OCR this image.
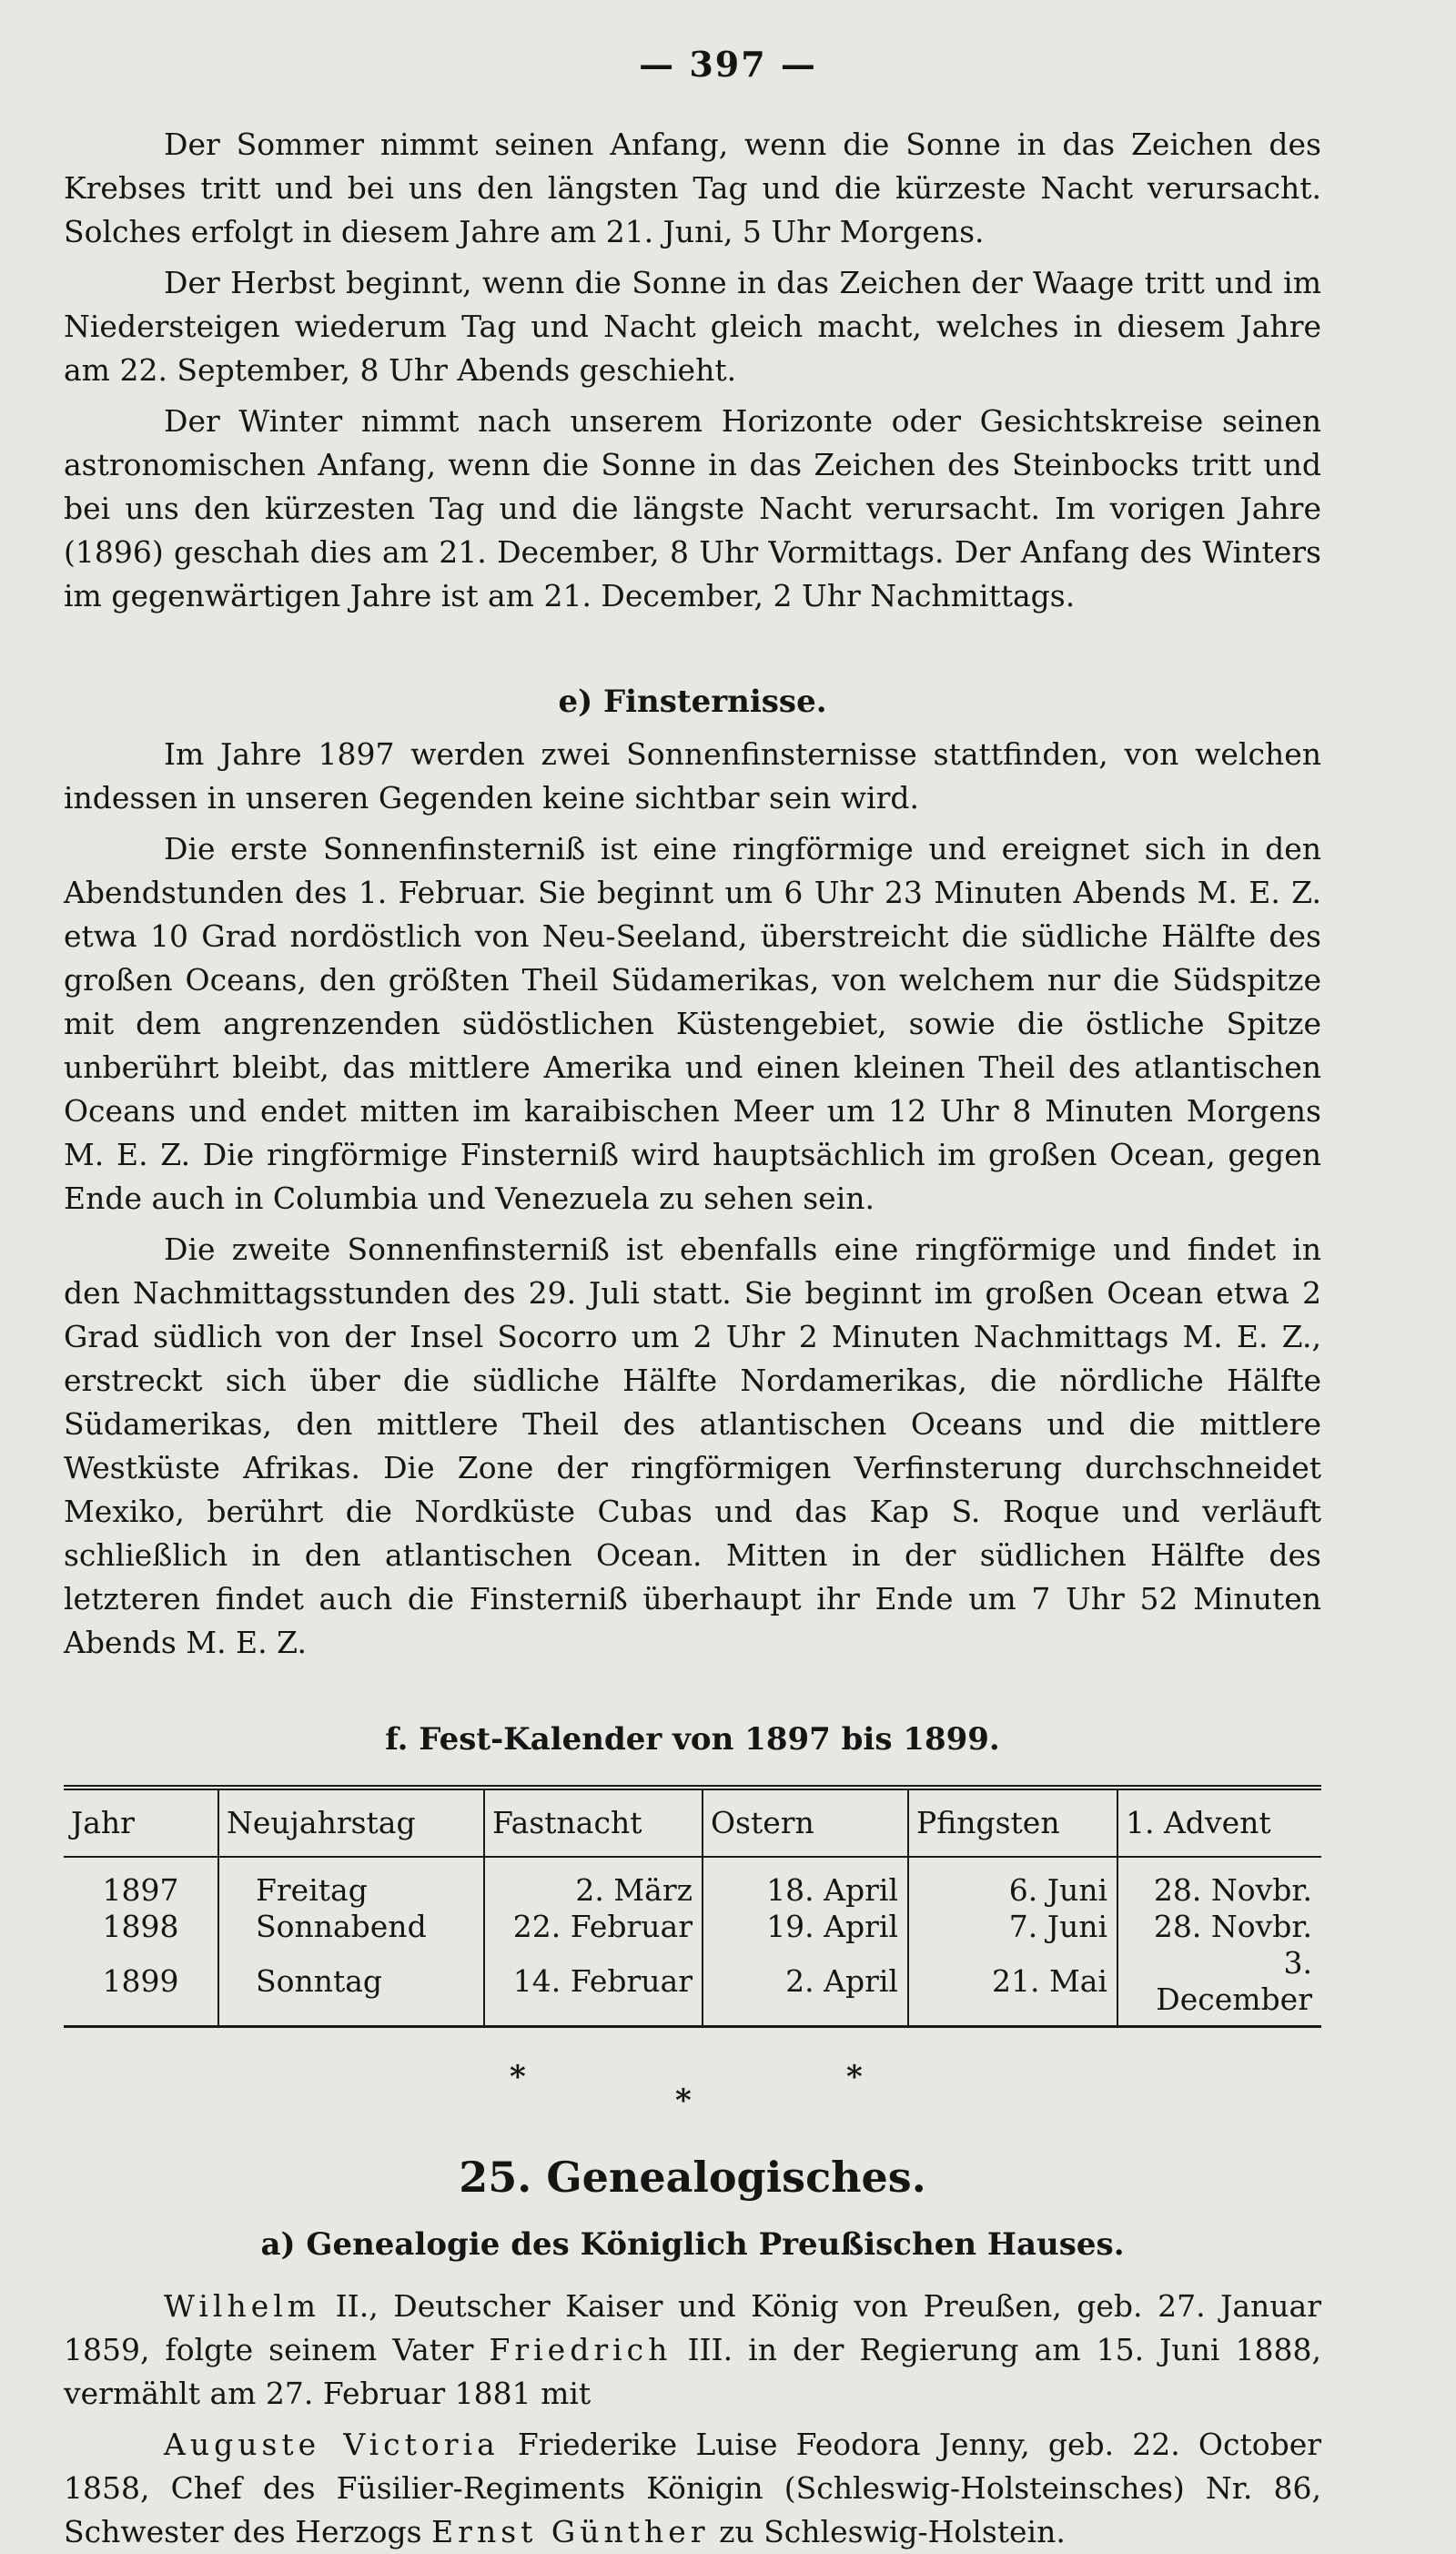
— 397 —

Der Sommer nimmt seinen Anfang, wenn die Sonne in das Zeichen des Krebses tritt und bei uns den längsten Tag und die kürzeste Nacht verursacht. Solches erfolgt in diesem Jahre am 21. Juni, 5 Uhr Morgens.

Der Herbst beginnt, wenn die Sonne in das Zeichen der Waage tritt und im Niedersteigen wiederum Tag und Nacht gleich macht, welches in diesem Jahre am 22. September, 8 Uhr Abends geschieht.

Der Winter nimmt nach unserem Horizonte oder Gesichtskreise seinen astronomischen Anfang, wenn die Sonne in das Zeichen des Steinbocks tritt und bei uns den kürzesten Tag und die längste Nacht verursacht. Im vorigen Jahre (1896) geschah dies am 21. December, 8 Uhr Vormittags. Der Anfang des Winters im gegenwärtigen Jahre ist am 21. December, 2 Uhr Nachmittags.

e) Finsternisse.

Im Jahre 1897 werden zwei Sonnenfinsternisse stattfinden, von welchen indessen in unseren Gegenden keine sichtbar sein wird.

Die erste Sonnenfinsterniß ist eine ringförmige und ereignet sich in den Abendstunden des 1. Februar. Sie beginnt um 6 Uhr 23 Minuten Abends M. E. Z. etwa 10 Grad nordöstlich von Neu-Seeland, überstreicht die südliche Hälfte des großen Oceans, den größten Theil Südamerikas, von welchem nur die Südspitze mit dem angrenzenden südöstlichen Küstengebiet, sowie die östliche Spitze unberührt bleibt, das mittlere Amerika und einen kleinen Theil des atlantischen Oceans und endet mitten im karaibischen Meer um 12 Uhr 8 Minuten Morgens M. E. Z. Die ringförmige Finsterniß wird hauptsächlich im großen Ocean, gegen Ende auch in Columbia und Venezuela zu sehen sein.

Die zweite Sonnenfinsterniß ist ebenfalls eine ringförmige und findet in den Nachmittagsstunden des 29. Juli statt. Sie beginnt im großen Ocean etwa 2 Grad südlich von der Insel Socorro um 2 Uhr 2 Minuten Nachmittags M. E. Z., erstreckt sich über die südliche Hälfte Nordamerikas, die nördliche Hälfte Südamerikas, den mittlere Theil des atlantischen Oceans und die mittlere Westküste Afrikas. Die Zone der ringförmigen Verfinsterung durchschneidet Mexiko, berührt die Nordküste Cubas und das Kap S. Roque und verläuft schließlich in den atlantischen Ocean. Mitten in der südlichen Hälfte des letzteren findet auch die Finsterniß überhaupt ihr Ende um 7 Uhr 52 Minuten Abends M. E. Z.

f. Fest-Kalender von 1897 bis 1899.

Jahr	Neujahrstag	Fastnacht	Ostern	Pfingsten	1. Advent
1897	Freitag	2. März	18. April	6. Juni	28. Novbr.
1898	Sonnabend	22. Februar	19. April	7. Juni	28. Novbr.
1899	Sonntag	14. Februar	2. April	21. Mai	3. December
*
*
*

25. Genealogisches.

a) Genealogie des Königlich Preußischen Hauses.

Wilhelm II., Deutscher Kaiser und König von Preußen, geb. 27. Januar 1859, folgte seinem Vater Friedrich III. in der Regierung am 15. Juni 1888, vermählt am 27. Februar 1881 mit

Auguste Victoria Friederike Luise Feodora Jenny, geb. 22. October 1858, Chef des Füsilier-Regiments Königin (Schleswig-Holsteinsches) Nr. 86, Schwester des Herzogs Ernst Günther zu Schleswig-Holstein.
